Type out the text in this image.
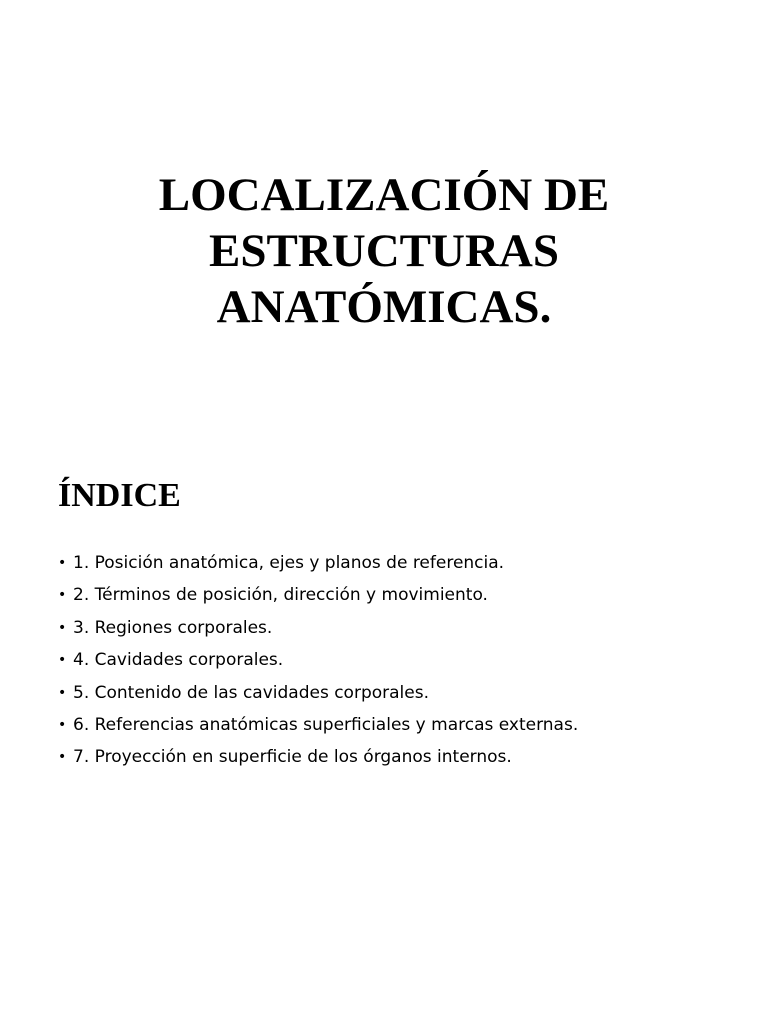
LOCALIZACIÓN DE
ESTRUCTURAS
ANATÓMICAS.
ÍNDICE
• 1. Posición anatómica, ejes y planos de referencia.
• 2. Términos de posición, dirección y movimiento.
• 3. Regiones corporales.
• 4. Cavidades corporales.
• 5. Contenido de las cavidades corporales.
• 6. Referencias anatómicas superficiales y marcas externas.
• 7. Proyección en superficie de los órganos internos.
